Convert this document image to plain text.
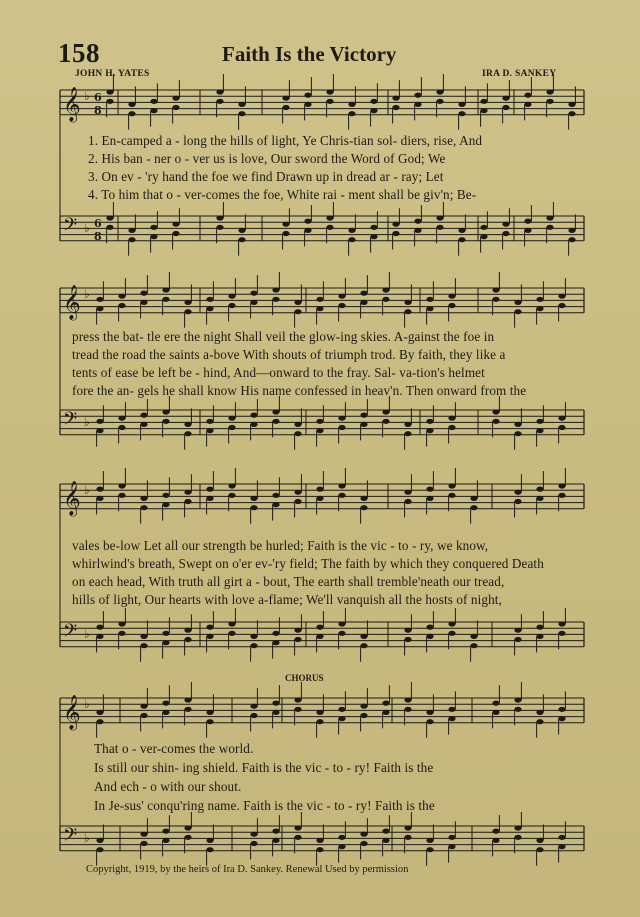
158	Faith Is the Victory
JOHN H. YATES	IRA D. SANKEY
𝄞 ♭ 6
8
𝄢 ♭ 6
8
𝄞 ♭
𝄢 ♭
𝄞 ♭
𝄢 ♭
𝄞 ♭
𝄢 ♭
1. En-camped a - long the hills of light, Ye Chris-tian sol- diers, rise, And
2. His ban - ner o - ver us is love, Our sword the Word of God; We
3. On ev - 'ry hand the foe we find Drawn up in dread ar - ray; Let
4. To him that o - ver-comes the foe, White rai - ment shall be giv'n; Be-
press the bat- tle ere the night Shall veil the glow-ing skies. A-gainst the foe in
tread the road the saints a-bove With shouts of triumph trod. By faith, they like a
tents of ease be left be - hind, And—onward to the fray. Sal- va-tion's helmet
fore the an- gels he shall know His name confessed in heav'n. Then onward from the
vales be-low Let all our strength be hurled; Faith is the vic - to - ry, we know,
whirlwind's breath, Swept on o'er ev-'ry field; The faith by which they conquered Death
on each head, With truth all girt a - bout, The earth shall tremble'neath our tread,
hills of light, Our hearts with love a-flame; We'll vanquish all the hosts of night,
CHORUS
That o - ver-comes the world.
Is still our shin- ing shield. Faith is the vic - to - ry! Faith is the
And ech - o with our shout.
In Je-sus' conqu'ring name. Faith is the vic - to - ry! Faith is the
Copyright, 1919, by the heirs of Ira D. Sankey. Renewal Used by permission
